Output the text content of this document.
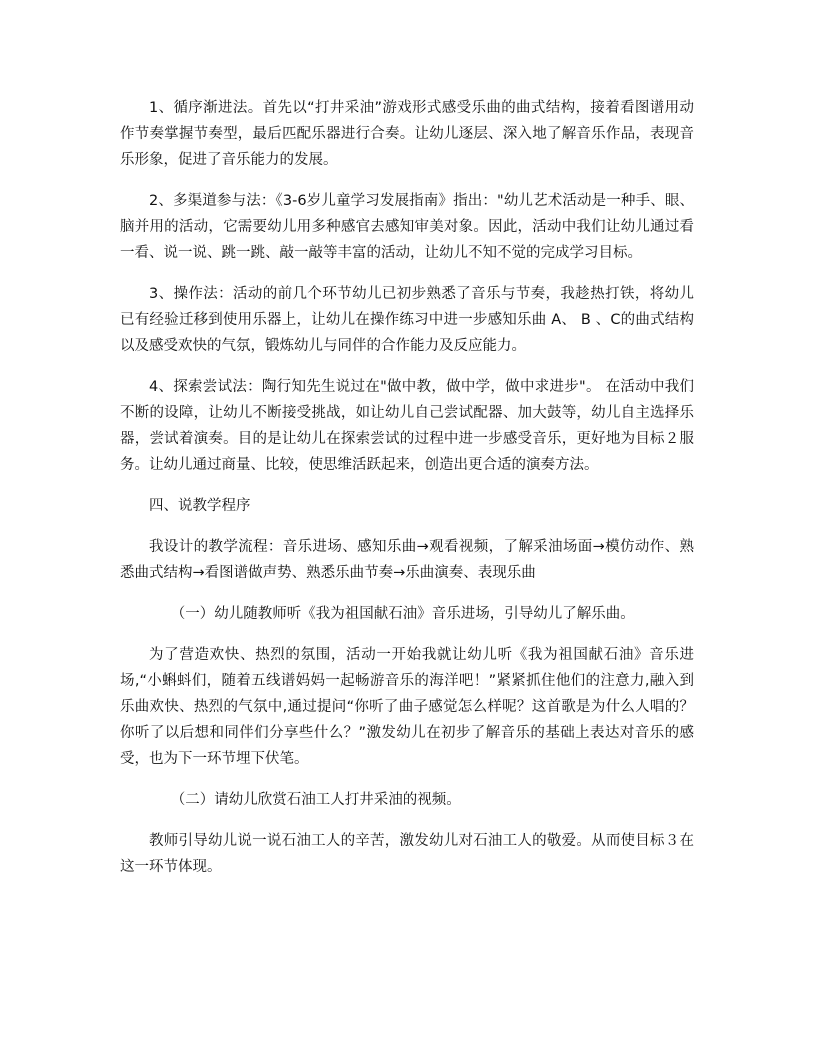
1、循序渐进法。首先以“打井采油”游戏形式感受乐曲的曲式结构，接着看图谱用动作节奏掌握节奏型，最后匹配乐器进行合奏。让幼儿逐层、深入地了解音乐作品，表现音乐形象，促进了音乐能力的发展。

2、多渠道参与法：《3-6岁儿童学习发展指南》指出："幼儿艺术活动是一种手、眼、脑并用的活动，它需要幼儿用多种感官去感知审美对象。因此，活动中我们让幼儿通过看一看、说一说、跳一跳、敲一敲等丰富的活动，让幼儿不知不觉的完成学习目标。

3、操作法：活动的前几个环节幼儿已初步熟悉了音乐与节奏，我趁热打铁，将幼儿已有经验迁移到使用乐器上，让幼儿在操作练习中进一步感知乐曲 A、 B 、C的曲式结构以及感受欢快的气氛，锻炼幼儿与同伴的合作能力及反应能力。

4、探索尝试法：陶行知先生说过在"做中教，做中学，做中求进步"。 在活动中我们不断的设障，让幼儿不断接受挑战，如让幼儿自己尝试配器、加大鼓等，幼儿自主选择乐器，尝试着演奏。目的是让幼儿在探索尝试的过程中进一步感受音乐，更好地为目标２服务。让幼儿通过商量、比较，使思维活跃起来，创造出更合适的演奏方法。

四、说教学程序

我设计的教学流程：音乐进场、感知乐曲→观看视频，了解采油场面→模仿动作、熟悉曲式结构→看图谱做声势、熟悉乐曲节奏→乐曲演奏、表现乐曲

（一）幼儿随教师听《我为祖国献石油》音乐进场，引导幼儿了解乐曲。

为了营造欢快、热烈的氛围，活动一开始我就让幼儿听《我为祖国献石油》音乐进场,“小蝌蚪们，随着五线谱妈妈一起畅游音乐的海洋吧！”紧紧抓住他们的注意力,融入到乐曲欢快、热烈的气氛中,通过提问“你听了曲子感觉怎么样呢？这首歌是为什么人唱的？你听了以后想和同伴们分享些什么？”激发幼儿在初步了解音乐的基础上表达对音乐的感受，也为下一环节埋下伏笔。

（二）请幼儿欣赏石油工人打井采油的视频。

教师引导幼儿说一说石油工人的辛苦，激发幼儿对石油工人的敬爱。从而使目标３在这一环节体现。
